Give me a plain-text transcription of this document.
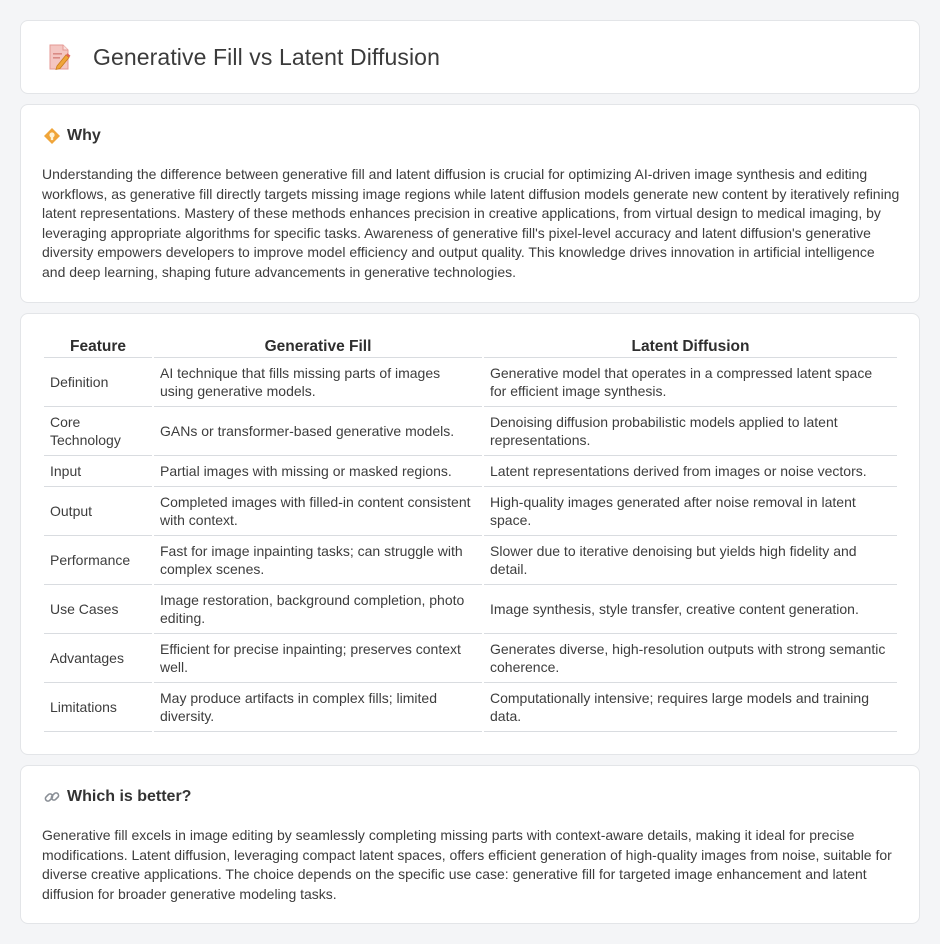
Generative Fill vs Latent Diffusion
Why

Understanding the difference between generative fill and latent diffusion is crucial for optimizing AI-driven image synthesis and editing workflows, as generative fill directly targets missing image regions while latent diffusion models generate new content by iteratively refining latent representations. Mastery of these methods enhances precision in creative applications, from virtual design to medical imaging, by leveraging appropriate algorithms for specific tasks. Awareness of generative fill's pixel-level accuracy and latent diffusion's generative diversity empowers developers to improve model efficiency and output quality. This knowledge drives innovation in artificial intelligence and deep learning, shaping future advancements in generative technologies.

Feature	Generative Fill	Latent Diffusion
Definition	AI technique that fills missing parts of images using generative models.	Generative model that operates in a compressed latent space for efficient image synthesis.
Core Technology	GANs or transformer-based generative models.	Denoising diffusion probabilistic models applied to latent representations.
Input	Partial images with missing or masked regions.	Latent representations derived from images or noise vectors.
Output	Completed images with filled-in content consistent with context.	High-quality images generated after noise removal in latent space.
Performance	Fast for image inpainting tasks; can struggle with complex scenes.	Slower due to iterative denoising but yields high fidelity and detail.
Use Cases	Image restoration, background completion, photo editing.	Image synthesis, style transfer, creative content generation.
Advantages	Efficient for precise inpainting; preserves context well.	Generates diverse, high-resolution outputs with strong semantic coherence.
Limitations	May produce artifacts in complex fills; limited diversity.	Computationally intensive; requires large models and training data.
Which is better?

Generative fill excels in image editing by seamlessly completing missing parts with context-aware details, making it ideal for precise modifications. Latent diffusion, leveraging compact latent spaces, offers efficient generation of high-quality images from noise, suitable for diverse creative applications. The choice depends on the specific use case: generative fill for targeted image enhancement and latent diffusion for broader generative modeling tasks.
